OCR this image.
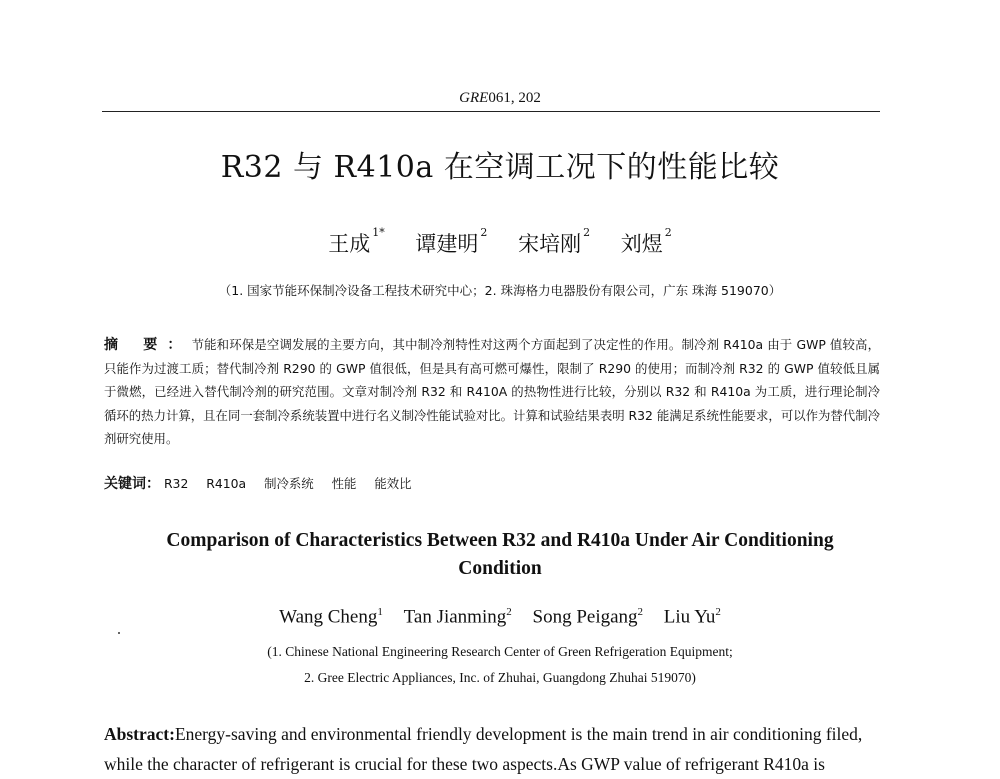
GRE061, 202
R32 与 R410a 在空调工况下的性能比较
王成 $^{1*}$ 谭建明 $^2$ 宋培刚 $^2$ 刘煜 $^2$
（1. 国家节能环保制冷设备工程技术研究中心；2. 珠海格力电器股份有限公司，广东 珠海 519070）
摘 要：节能和环保是空调发展的主要方向，其中制冷剂特性对这两个方面起到了决定性的作用。制冷剂 R410a 由于 GWP 值较高，只能作为过渡工质；替代制冷剂 R290 的 GWP 值很低，但是具有高可燃可爆性，限制了 R290 的使用；而制冷剂 R32 的 GWP 值较低且属于微燃，已经进入替代制冷剂的研究范围。文章对制冷剂 R32 和 R410A 的热物性进行比较，分别以 R32 和 R410a 为工质，进行理论制冷循环的热力计算，且在同一套制冷系统装置中进行名义制冷性能试验对比。计算和试验结果表明 R32 能满足系统性能要求，可以作为替代制冷剂研究使用。
关键词： R32 R410a 制冷系统 性能 能效比
Comparison of Characteristics Between R32 and R410a Under Air Conditioning
Condition
Wang Cheng$^1$ Tan Jianming$^2$ Song Peigang$^2$ Liu Yu$^2$
(1. Chinese National Engineering Research Center of Green Refrigeration Equipment;
2. Gree Electric Appliances, Inc. of Zhuhai, Guangdong Zhuhai 519070)
Abstract:Energy-saving and environmental friendly development is the main trend in air conditioning filed, while the character of refrigerant is crucial for these two aspects.As GWP value of refrigerant R410a is
